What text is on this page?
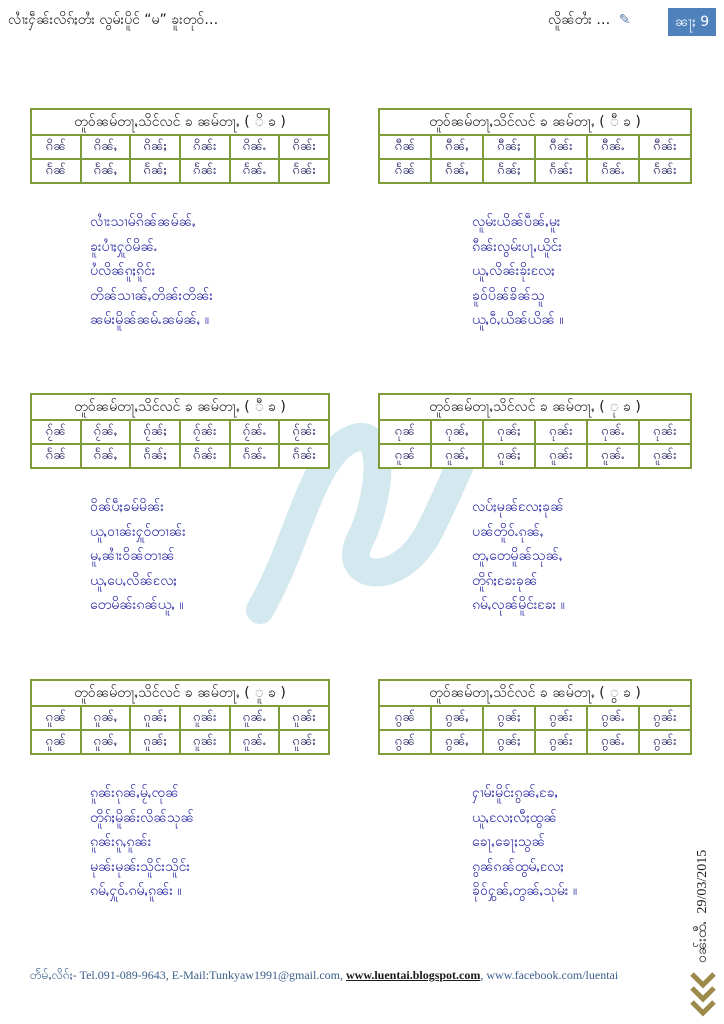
လၢႆးႁဵၼ်းလိၵ်ႈတႆး လွမ်းပိူင် “မ” ၶူးတုဝ်…	လိူၼ်တႆး … ✎	ၼႃႈ 9
တူဝ်ၼမ်တႃႇသိင်လင် ၶ ၼမ်တႃႇ ( ိ ၶ )
ၵိၼ်	ၵိၼ်ႇ	ၵိၼ်ႈ	ၵိၼ်း	ၵိၼ်ႉ	ၵိၼ်း
ၵႅၼ်	ၵႅၼ်ႇ	ၵႅၼ်ႈ	ၵႅၼ်း	ၵႅၼ်ႉ	ၵႅၼ်း
တူဝ်ၼမ်တႃႇသိင်လင် ၶ ၼမ်တႃႇ ( ီ ၶ )
ၵီၼ်	ၵီၼ်ႇ	ၵီၼ်ႈ	ၵီၼ်း	ၵီၼ်ႉ	ၵီၼ်း
ၵႅၼ်	ၵႅၼ်ႇ	ၵႅၼ်ႈ	ၵႅၼ်း	ၵႅၼ်ႉ	ၵႅၼ်း
တူဝ်ၼမ်တႃႇသိင်လင် ၶ ၼမ်တႃႇ ( ီ ၶ )
ၵႂ်ၼ်	ၵႂ်ၼ်ႇ	ၵႂ်ၼ်ႈ	ၵႂ်ၼ်း	ၵႂ်ၼ်ႉ	ၵႂ်ၼ်း
ၵႅၼ်	ၵႅၼ်ႇ	ၵႅၼ်ႈ	ၵႅၼ်း	ၵႅၼ်ႉ	ၵႅၼ်း
တူဝ်ၼမ်တႃႇသိင်လင် ၶ ၼမ်တႃႇ ( ု ၶ )
ၵုၼ်	ၵုၼ်ႇ	ၵုၼ်ႈ	ၵုၼ်း	ၵုၼ်ႉ	ၵုၼ်း
ၵူၼ်	ၵူၼ်ႇ	ၵူၼ်ႈ	ၵူၼ်း	ၵူၼ်ႉ	ၵူၼ်း
တူဝ်ၼမ်တႃႇသိင်လင် ၶ ၼမ်တႃႇ ( ူ ၶ )
ၵူၼ်	ၵူၼ်ႇ	ၵူၼ်ႈ	ၵူၼ်း	ၵူၼ်ႉ	ၵူၼ်း
ၵူၼ်	ၵူၼ်ႇ	ၵူၼ်ႈ	ၵူၼ်း	ၵူၼ်ႉ	ၵူၼ်း
တူဝ်ၼမ်တႃႇသိင်လင် ၶ ၼမ်တႃႇ ( ွ ၶ )
ၵွၼ်	ၵွၼ်ႇ	ၵွၼ်ႈ	ၵွၼ်း	ၵွၼ်ႉ	ၵွၼ်း
ၵွၼ်	ၵွၼ်ႇ	ၵွၼ်ႈ	ၵွၼ်း	ၵွၼ်ႉ	ၵွၼ်း
လၢႆးသၢမ်ၵိၼ်ၼမ်ၼ်ႇ
ၶူးပၢႆႈႁူဝ်မိၼ်ႉ
ပႆလိၼ်ၵူႈၵိူင်း
တိၼ်သၢၼ်ႇတိၼ်းတိၼ်း
ၼမ်းမိူၼ်ၼမ်ႉၼမ်ၼ်ႇ ။
လူမ်းယိၼ်ပဵၼ်ႇမူး
ၵီၼ်းလွမ်းပႃႇယိူင်း
ယူႇလိၼ်းၶိုးလႄႈ
ၶူဝ်ပိၼ်ၶိၼ်သူ
ယူႇဝဵႇယိၼ်ယိၼ် ။
ဝိၼ်ပဵႈၶမ်မိၼ်း
ယူႇဝၢၼ်းႁူဝ်တၢၼ်း
မူႇၼၢႆးဝိၼ်တၢၼ်
ယူႇပေႇလိၼ်လႄႈ
တေမိၼ်းၵၼ်ယူႇ ။
လပ်ႈမုၼ်လႄႈၶုၼ်
ပၼ်တိူဝ်ႉၵုၼ်ႇ
တူႇတေမိူၼ်သုၼ်ႇ
တိူၵ်ႈၶႄးၶုၼ်
ၵမ်ႇလုၼ်မိူင်းၶႄး ။
ၵူၼ်းၵုၼ်ႇမႂ်ႇၸုၼ်
တိူၵ်ႈမိူၼ်းလိၼ်သုၼ်
ၵူၼ်းၵူႇၵူၼ်း
မုၼ်းမုၼ်းသိူင်းသိူင်း
ၵမ်ႇႁူဝ်ႉၵမ်ႇၵူၼ်း ။
ႁၢမ်းမိူင်းၵွၼ်ႇၶႄႇ
ယူႇလႄႈလီႈထွၼ်
ၶေႃႇၶေႃႈသွၼ်
ၵွၼ်ၵၼ်ထွမ်ႇလႄႈ
ၶိုဝ်ႁွၼ်ႇတွၼ်ႇသုမ်း ။
ဝၼ်းထီႉ 29/03/2015
တႅမ်ႇလိၵ်ႈ- Tel.091-089-9643, E-Mail:Tunkyaw1991@gmail.com, www.luentai.blogspot.com, www.facebook.com/luentai
